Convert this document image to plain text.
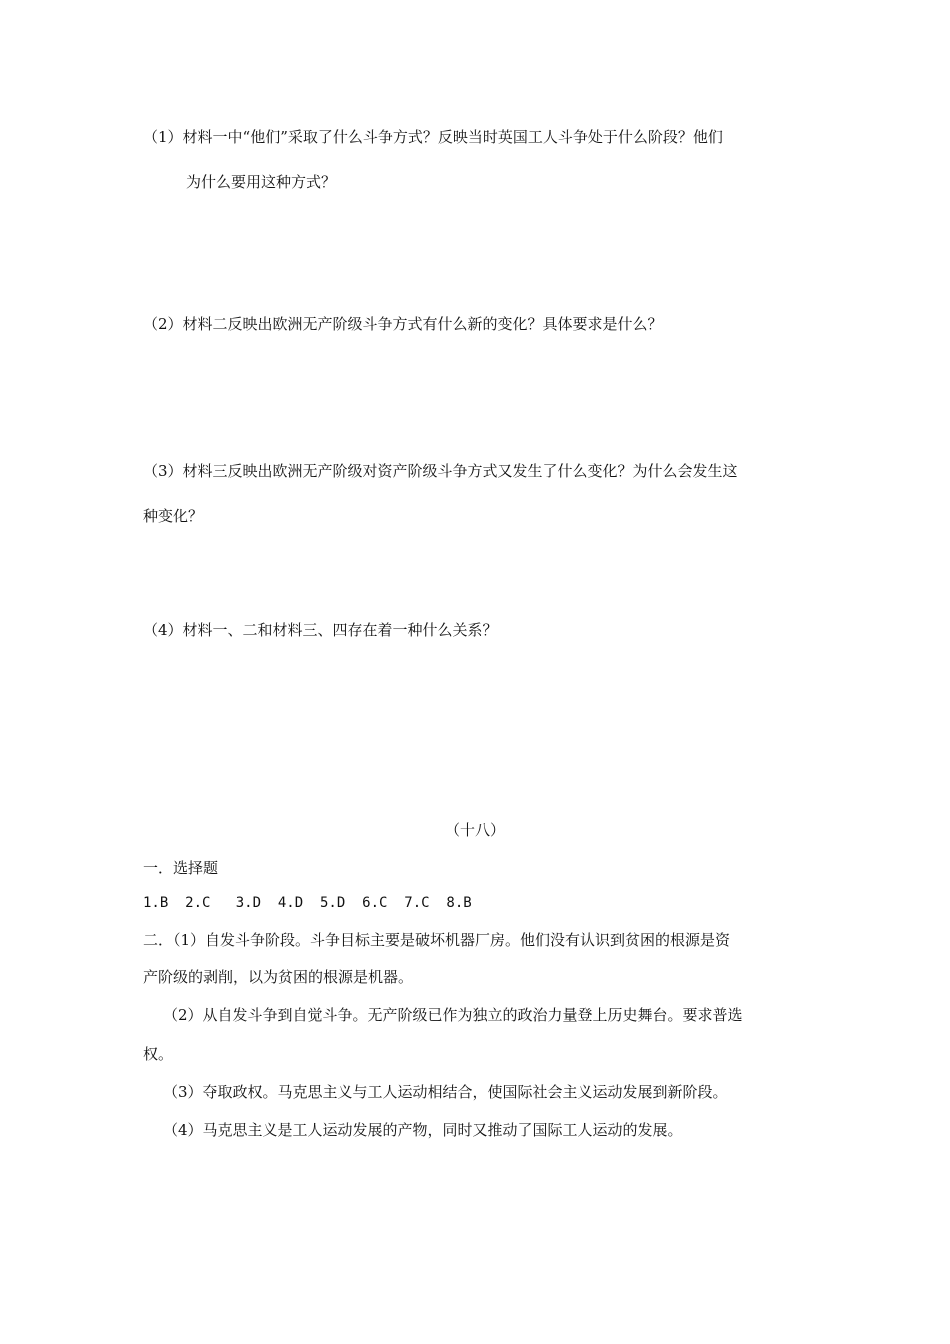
（1）材料一中“他们”采取了什么斗争方式？反映当时英国工人斗争处于什么阶段？他们
为什么要用这种方式？
（2）材料二反映出欧洲无产阶级斗争方式有什么新的变化？具体要求是什么？
（3）材料三反映出欧洲无产阶级对资产阶级斗争方式又发生了什么变化？为什么会发生这
种变化？
（4）材料一、二和材料三、四存在着一种什么关系？
（十八）
一．选择题
1.B  2.C   3.D  4.D  5.D  6.C  7.C  8.B
二．（1）自发斗争阶段。斗争目标主要是破坏机器厂房。他们没有认识到贫困的根源是资
产阶级的剥削，以为贫困的根源是机器。
（2）从自发斗争到自觉斗争。无产阶级已作为独立的政治力量登上历史舞台。要求普选
权。
（3）夺取政权。马克思主义与工人运动相结合，使国际社会主义运动发展到新阶段。
（4）马克思主义是工人运动发展的产物，同时又推动了国际工人运动的发展。
